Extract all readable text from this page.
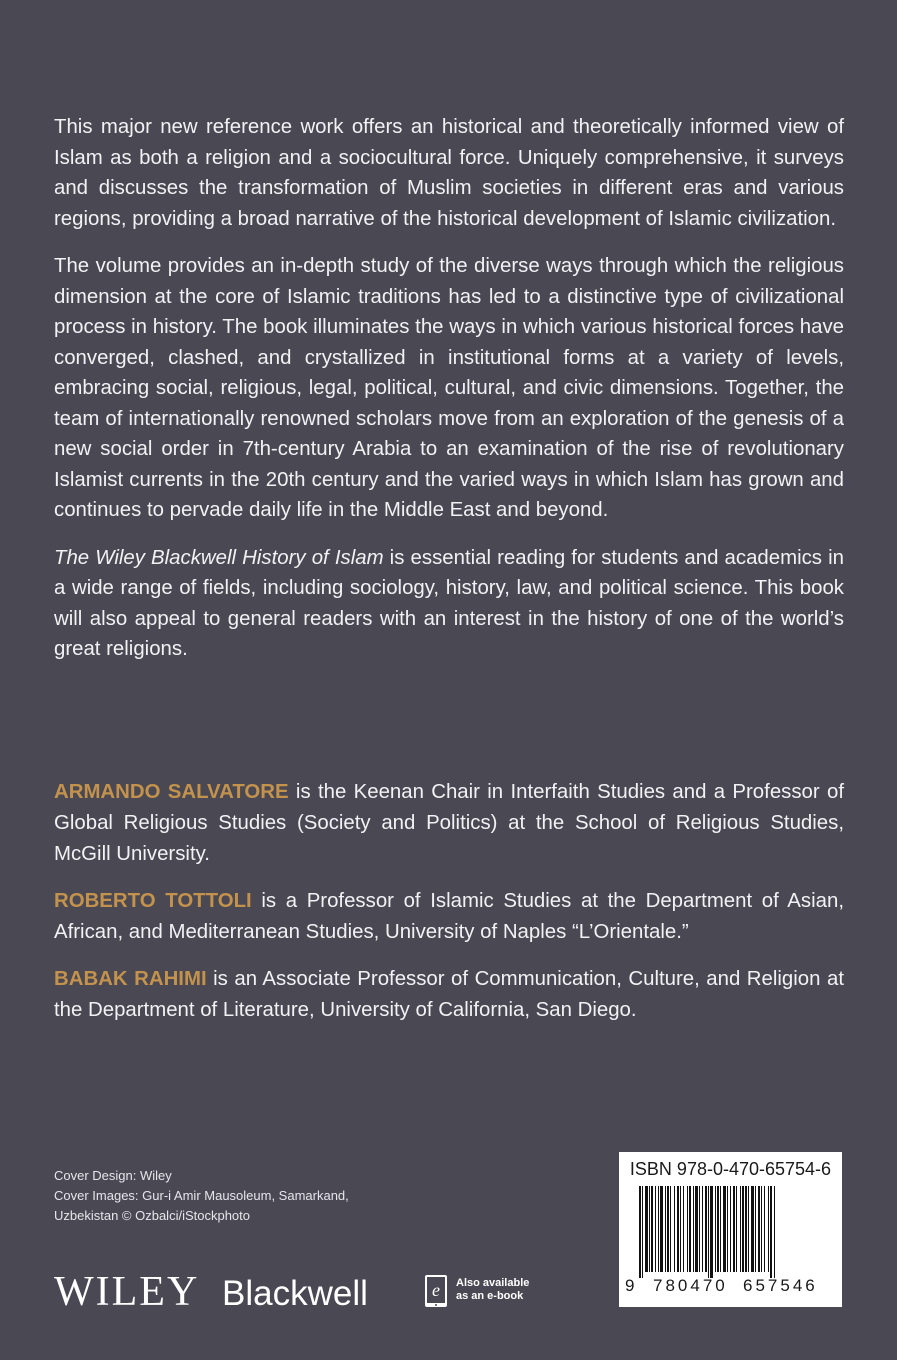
This major new reference work offers an historical and theoretically informed view of Islam as both a religion and a sociocultural force. Uniquely comprehensive, it surveys and discusses the transformation of Muslim societies in different eras and various regions, providing a broad narrative of the historical development of Islamic civilization.

The volume provides an in-depth study of the diverse ways through which the religious dimension at the core of Islamic traditions has led to a distinctive type of civilizational process in history. The book illuminates the ways in which various historical forces have converged, clashed, and crystallized in institutional forms at a variety of levels, embracing social, religious, legal, political, cultural, and civic dimensions. Together, the team of internationally renowned scholars move from an exploration of the genesis of a new social order in 7th-century Arabia to an examination of the rise of revolutionary Islamist currents in the 20th century and the varied ways in which Islam has grown and continues to pervade daily life in the Middle East and beyond.

The Wiley Blackwell History of Islam is essential reading for students and academics in a wide range of fields, including sociology, history, law, and political science. This book will also appeal to general readers with an interest in the history of one of the world’s great religions.

ARMANDO SALVATORE is the Keenan Chair in Interfaith Studies and a Professor of Global Religious Studies (Society and Politics) at the School of Religious Studies, McGill University.

ROBERTO TOTTOLI is a Professor of Islamic Studies at the Department of Asian, African, and Mediterranean Studies, University of Naples “L’Orientale.”

BABAK RAHIMI is an Associate Professor of Communication, Culture, and Religion at the Department of Literature, University of California, San Diego.

Cover Design: Wiley
Cover Images: Gur-i Amir Mausoleum, Samarkand,
Uzbekistan © Ozbalci/iStockphoto
WILEY Blackwell	e Also available
as an e-book
ISBN 978-0-470-65754-6
9 780470 657546
